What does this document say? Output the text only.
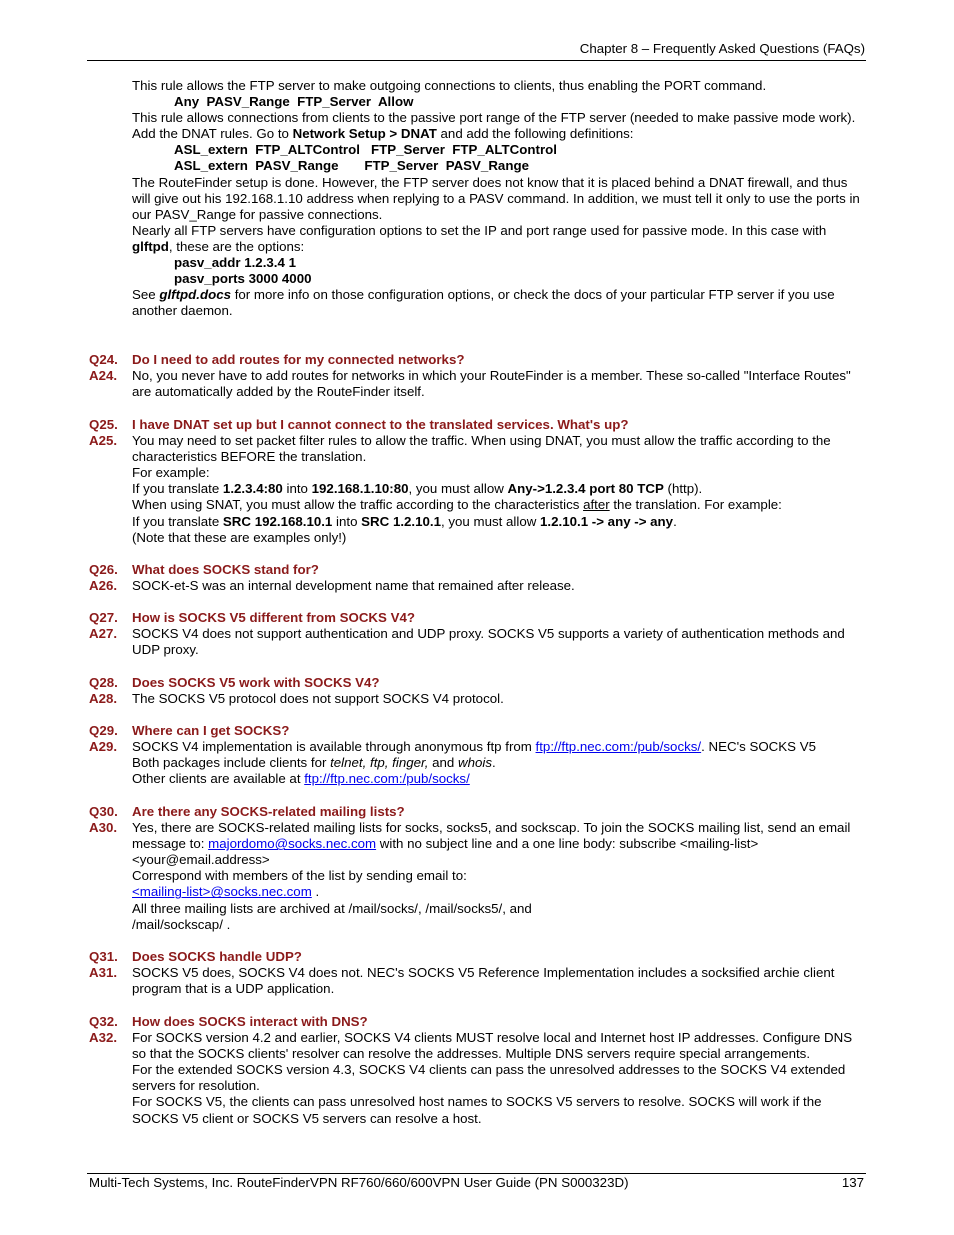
Chapter 8 – Frequently Asked Questions (FAQs)
This rule allows the FTP server to make outgoing connections to clients, thus enabling the PORT command.
Any  PASV_Range  FTP_Server  Allow
This rule allows connections from clients to the passive port range of the FTP server (needed to make passive mode work).
Add the DNAT rules. Go to Network Setup > DNAT and add the following definitions:
ASL_extern  FTP_ALTControl   FTP_Server  FTP_ALTControl
ASL_extern  PASV_Range       FTP_Server  PASV_Range
The RouteFinder setup is done. However, the FTP server does not know that it is placed behind a DNAT firewall, and thus will give out his 192.168.1.10 address when replying to a PASV command. In addition, we must tell it only to use the ports in our PASV_Range for passive connections.
Nearly all FTP servers have configuration options to set the IP and port range used for passive mode. In this case with glftpd, these are the options:
pasv_addr 1.2.3.4 1
pasv_ports 3000 4000
See glftpd.docs for more info on those configuration options, or check the docs of your particular FTP server if you use another daemon.
Q24.	Do I need to add routes for my connected networks?
A24.	No, you never have to add routes for networks in which your RouteFinder is a member. These so-called "Interface Routes" are automatically added by the RouteFinder itself.
Q25.	I have DNAT set up but I cannot connect to the translated services. What's up?
A25.	You may need to set packet filter rules to allow the traffic. When using DNAT, you must allow the traffic according to the characteristics BEFORE the translation.
For example:
If you translate 1.2.3.4:80 into 192.168.1.10:80, you must allow Any->1.2.3.4 port 80 TCP (http).
When using SNAT, you must allow the traffic according to the characteristics after the translation. For example:
If you translate SRC 192.168.10.1 into SRC 1.2.10.1, you must allow 1.2.10.1 -> any -> any.
(Note that these are examples only!)
Q26.	What does SOCKS stand for?
A26.	SOCK-et-S was an internal development name that remained after release.
Q27.	How is SOCKS V5 different from SOCKS V4?
A27.	SOCKS V4 does not support authentication and UDP proxy. SOCKS V5 supports a variety of authentication methods and UDP proxy.
Q28.	Does SOCKS V5 work with SOCKS V4?
A28.	The SOCKS V5 protocol does not support SOCKS V4 protocol.
Q29.	Where can I get SOCKS?
A29.	SOCKS V4 implementation is available through anonymous ftp from ftp://ftp.nec.com:/pub/socks/. NEC's SOCKS V5
Both packages include clients for telnet, ftp, finger, and whois.
Other clients are available at ftp://ftp.nec.com:/pub/socks/
Q30.	Are there any SOCKS-related mailing lists?
A30.	Yes, there are SOCKS-related mailing lists for socks, socks5, and sockscap. To join the SOCKS mailing list, send an email message to: majordomo@socks.nec.com with no subject line and a one line body: subscribe <mailing-list> <your@email.address>
Correspond with members of the list by sending email to:
<mailing-list>@socks.nec.com .
All three mailing lists are archived at /mail/socks/, /mail/socks5/, and /mail/sockscap/ .
Q31.	Does SOCKS handle UDP?
A31.	SOCKS V5 does, SOCKS V4 does not. NEC's SOCKS V5 Reference Implementation includes a socksified archie client program that is a UDP application.
Q32.	How does SOCKS interact with DNS?
A32.	For SOCKS version 4.2 and earlier, SOCKS V4 clients MUST resolve local and Internet host IP addresses. Configure DNS so that the SOCKS clients' resolver can resolve the addresses. Multiple DNS servers require special arrangements.
For the extended SOCKS version 4.3, SOCKS V4 clients can pass the unresolved addresses to the SOCKS V4 extended servers for resolution.
For SOCKS V5, the clients can pass unresolved host names to SOCKS V5 servers to resolve. SOCKS will work if the SOCKS V5 client or SOCKS V5 servers can resolve a host.
Multi-Tech Systems, Inc. RouteFinderVPN RF760/660/600VPN User Guide (PN S000323D)	137
